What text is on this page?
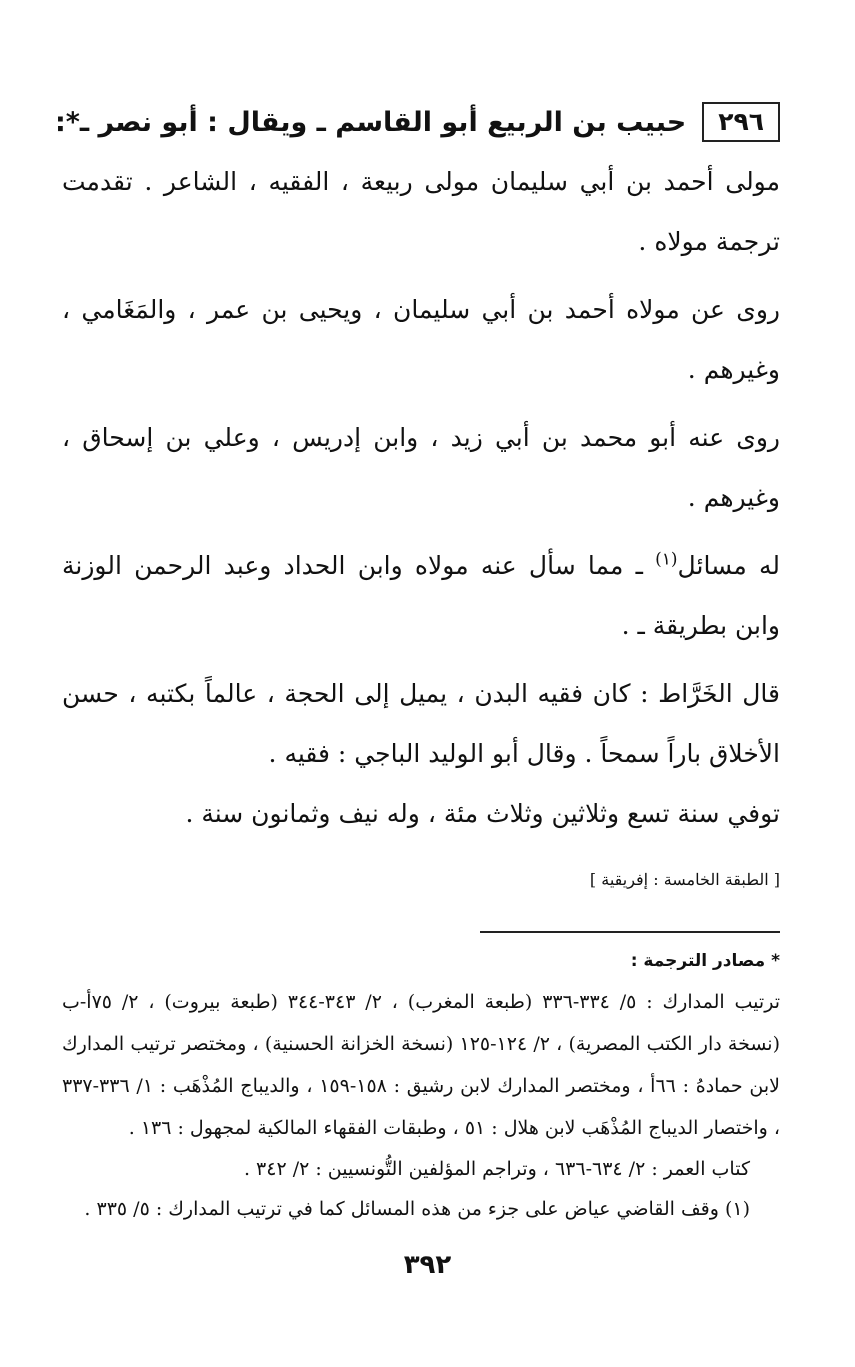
٢٩٦
حبيب بن الربيع أبو القاسم ـ ويقال : أبو نصر ـ*:

مولى أحمد بن أبي سليمان مولى ربيعة ، الفقيه ، الشاعر . تقدمت ترجمة مولاه .

روى عن مولاه أحمد بن أبي سليمان ، ويحيى بن عمر ، والمَغَامي ، وغيرهم .

روى عنه أبو محمد بن أبي زيد ، وابن إدريس ، وعلي بن إسحاق ، وغيرهم .

له مسائل$^{(١)}$ ـ مما سأل عنه مولاه وابن الحداد وعبد الرحمن الوزنة وابن بطريقة ـ .

قال الخَرَّاط : كان فقيه البدن ، يميل إلى الحجة ، عالماً بكتبه ، حسن الأخلاق باراً سمحاً . وقال أبو الوليد الباجي : فقيه .

توفي سنة تسع وثلاثين وثلاث مئة ، وله نيف وثمانون سنة .

[ الطبقة الخامسة : إفريقية ]
* مصادر الترجمة :

ترتيب المدارك : ٥/ ٣٣٤-٣٣٦ (طبعة المغرب) ، ٢/ ٣٤٣-٣٤٤ (طبعة بيروت) ، ٢/ ٧٥أ-ب (نسخة دار الكتب المصرية) ، ٢/ ١٢٤-١٢٥ (نسخة الخزانة الحسنية) ، ومختصر ترتيب المدارك لابن حمادهُ : ٦٦أ ، ومختصر المدارك لابن رشيق : ١٥٨-١٥٩ ، والديباج المُذْهَب : ١/ ٣٣٦-٣٣٧ ، واختصار الديباج المُذْهَب لابن هلال : ٥١ ، وطبقات الفقهاء المالكية لمجهول : ١٣٦ .

كتاب العمر : ٢/ ٦٣٤-٦٣٦ ، وتراجم المؤلفين التُّونسيين : ٢/ ٣٤٢ .

(١) وقف القاضي عياض على جزء من هذه المسائل كما في ترتيب المدارك : ٥/ ٣٣٥ .

٣٩٢
